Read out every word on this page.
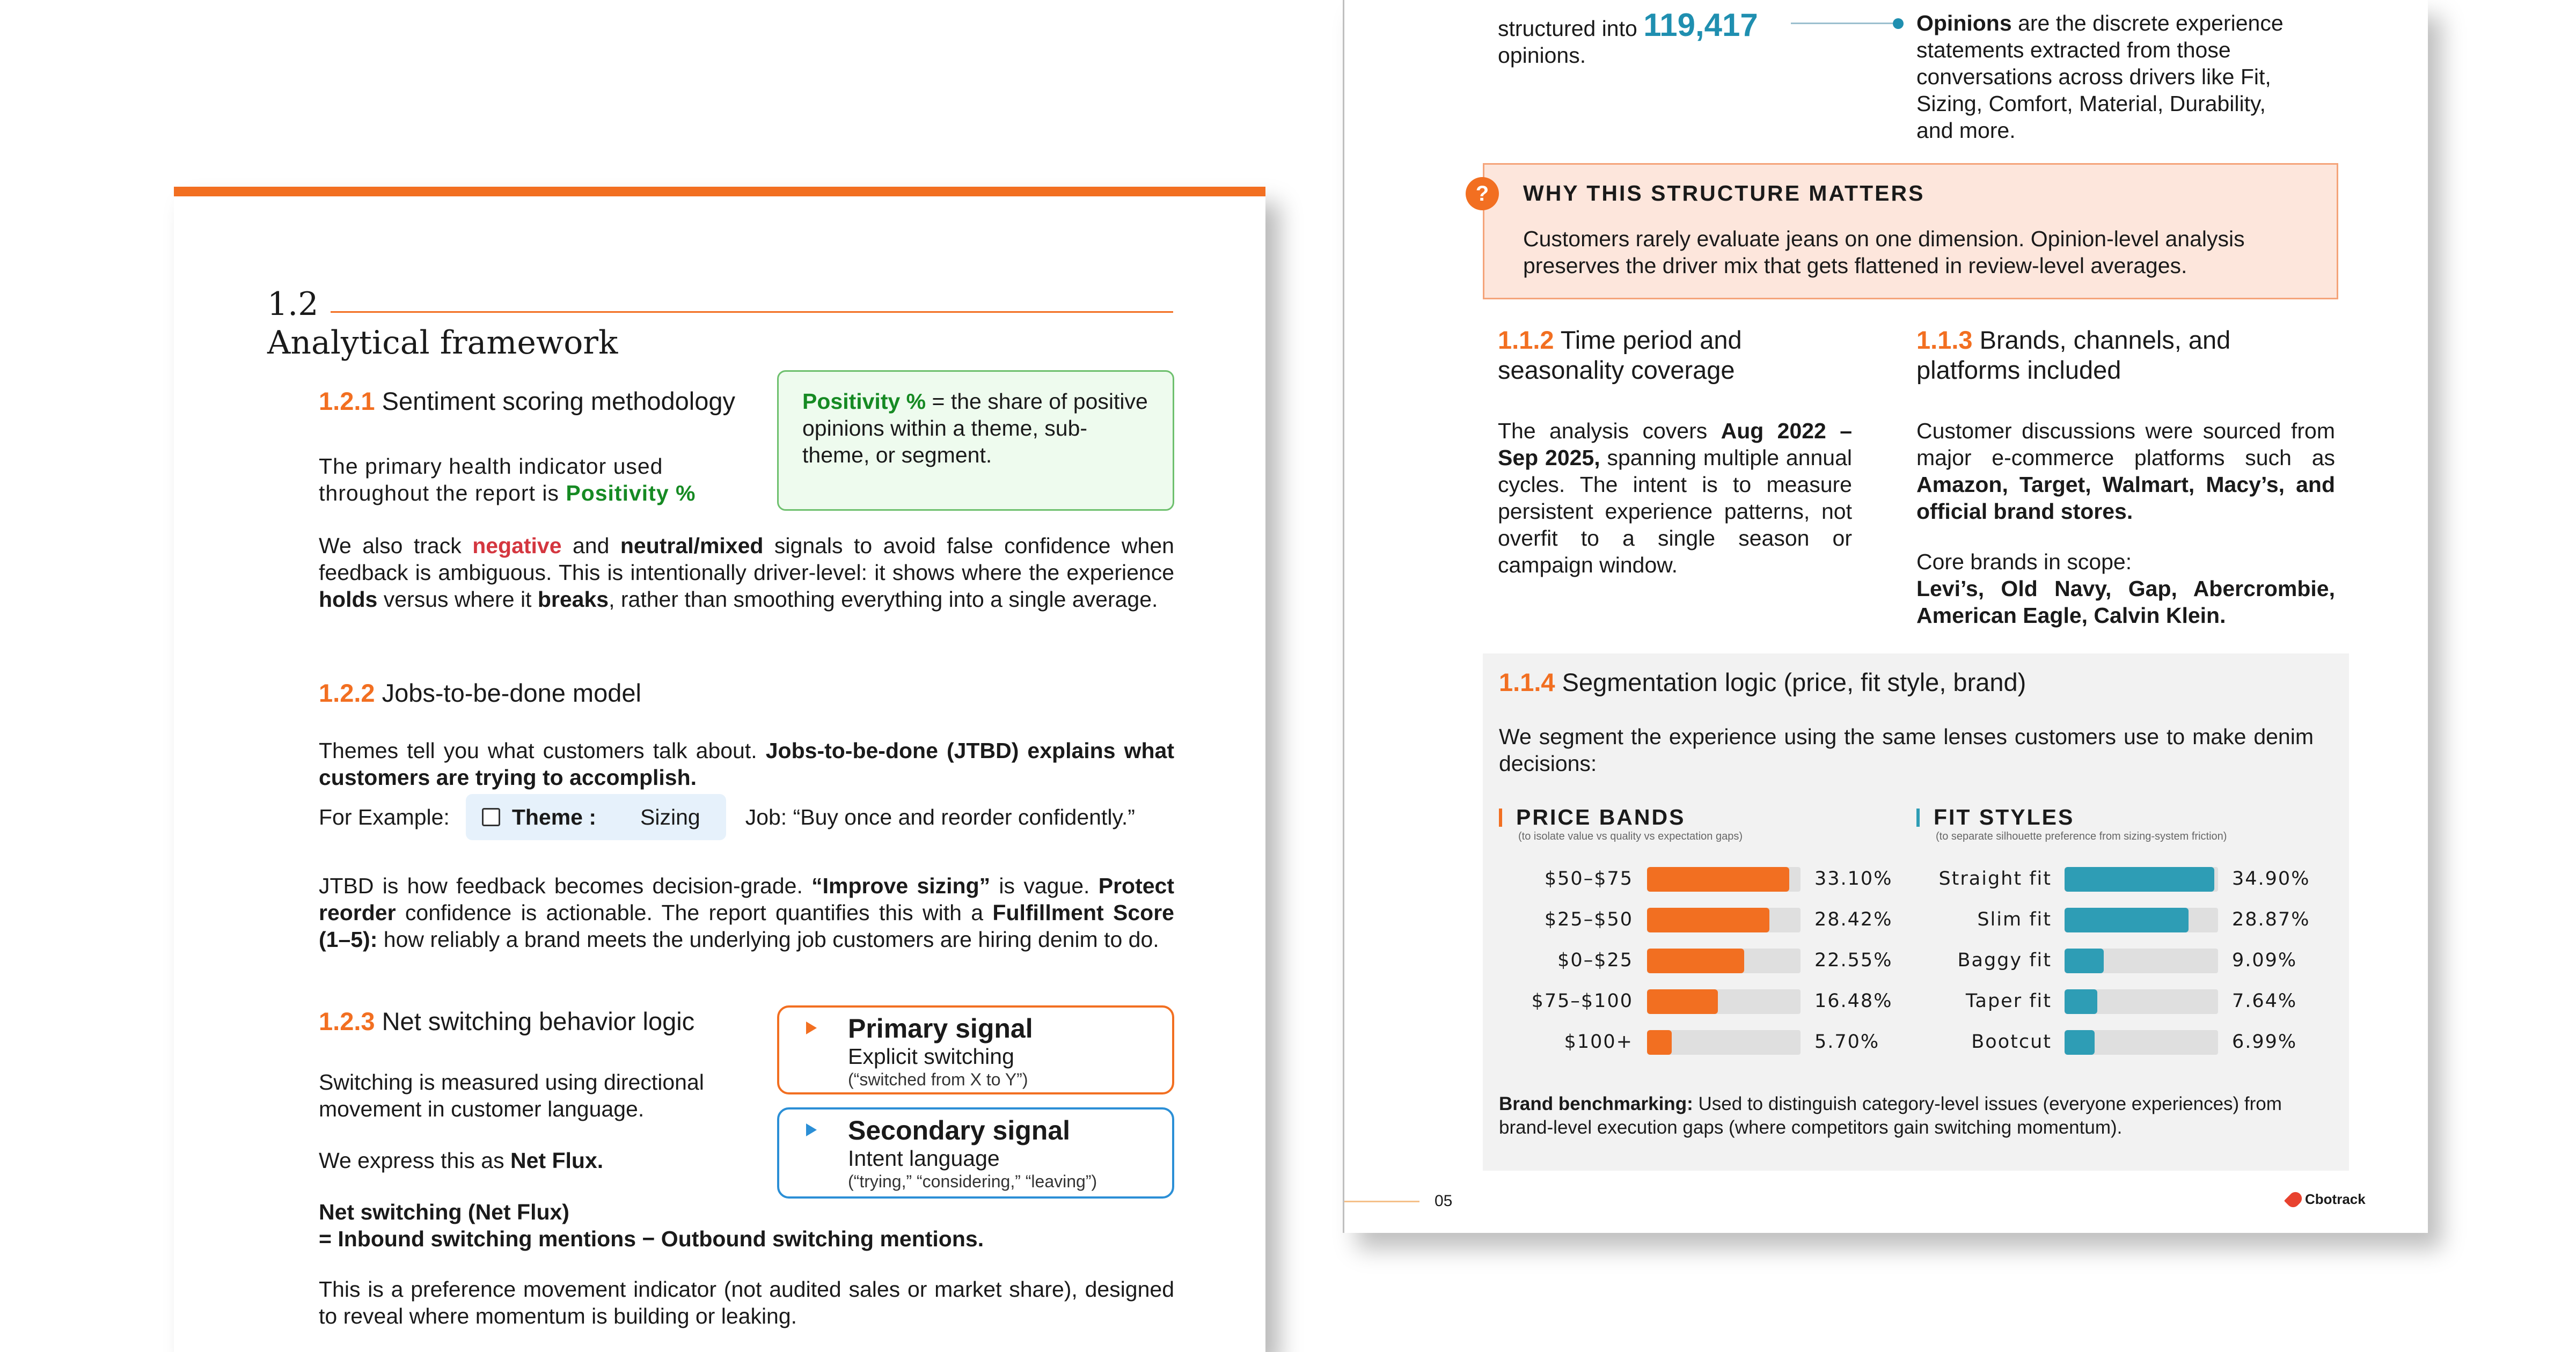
1.2
Analytical framework
1.2.1 Sentiment scoring methodology
The primary health indicator used throughout the report is Positivity %
Positivity % = the share of positive opinions within a theme, sub-theme, or segment.
We also track negative and neutral/mixed signals to avoid false confidence when feedback is ambiguous. This is intentionally driver-level: it shows where the experience holds versus where it breaks, rather than smoothing everything into a single average.
1.2.2 Jobs-to-be-done model
Themes tell you what customers talk about. Jobs-to-be-done (JTBD) explains what customers are trying to accomplish.
For Example:	Theme : Sizing Job: “Buy once and reorder confidently.”
JTBD is how feedback becomes decision-grade. “Improve sizing” is vague. Protect reorder confidence is actionable. The report quantifies this with a Fulfillment Score (1–5): how reliably a brand meets the underlying job customers are hiring denim to do.
1.2.3 Net switching behavior logic
Switching is measured using directional movement in customer language.
We express this as Net Flux.
Net switching (Net Flux)
= Inbound switching mentions − Outbound switching mentions.
This is a preference movement indicator (not audited sales or market share), designed to reveal where momentum is building or leaking.
Primary signal
Explicit switching
(“switched from X to Y”)
Secondary signal
Intent language
(“trying,” “considering,” “leaving”)
structured into 119,417
opinions.
Opinions are the discrete experience statements extracted from those conversations across drivers like Fit, Sizing, Comfort, Material, Durability, and more.
WHY THIS STRUCTURE MATTERS
Customers rarely evaluate jeans on one dimension. Opinion-level analysis preserves the driver mix that gets flattened in review-level averages.
?
1.1.2 Time period and seasonality coverage
The analysis covers Aug 2022 – Sep 2025, spanning multiple annual cycles. The intent is to measure persistent experience patterns, not overfit to a single season or campaign window.
1.1.3 Brands, channels, and platforms included
Customer discussions were sourced from major e-commerce platforms such as Amazon, Target, Walmart, Macy’s, and official brand stores.
Core brands in scope:
Levi’s, Old Navy, Gap, Abercrombie, American Eagle, Calvin Klein.
1.1.4 Segmentation logic (price, fit style, brand)
We segment the experience using the same lenses customers use to make denim decisions:
PRICE BANDS
(to isolate value vs quality vs expectation gaps)
FIT STYLES
(to separate silhouette preference from sizing-system friction)
$50–$75	33.10%
$25–$50	28.42%
$0–$25	22.55%
$75–$100	16.48%
$100+	5.70%
Straight fit	34.90%
Slim fit	28.87%
Baggy fit	9.09%
Taper fit	7.64%
Bootcut	6.99%
Brand benchmarking: Used to distinguish category-level issues (everyone experiences) from brand-level execution gaps (where competitors gain switching momentum).
05	Cbotrack
